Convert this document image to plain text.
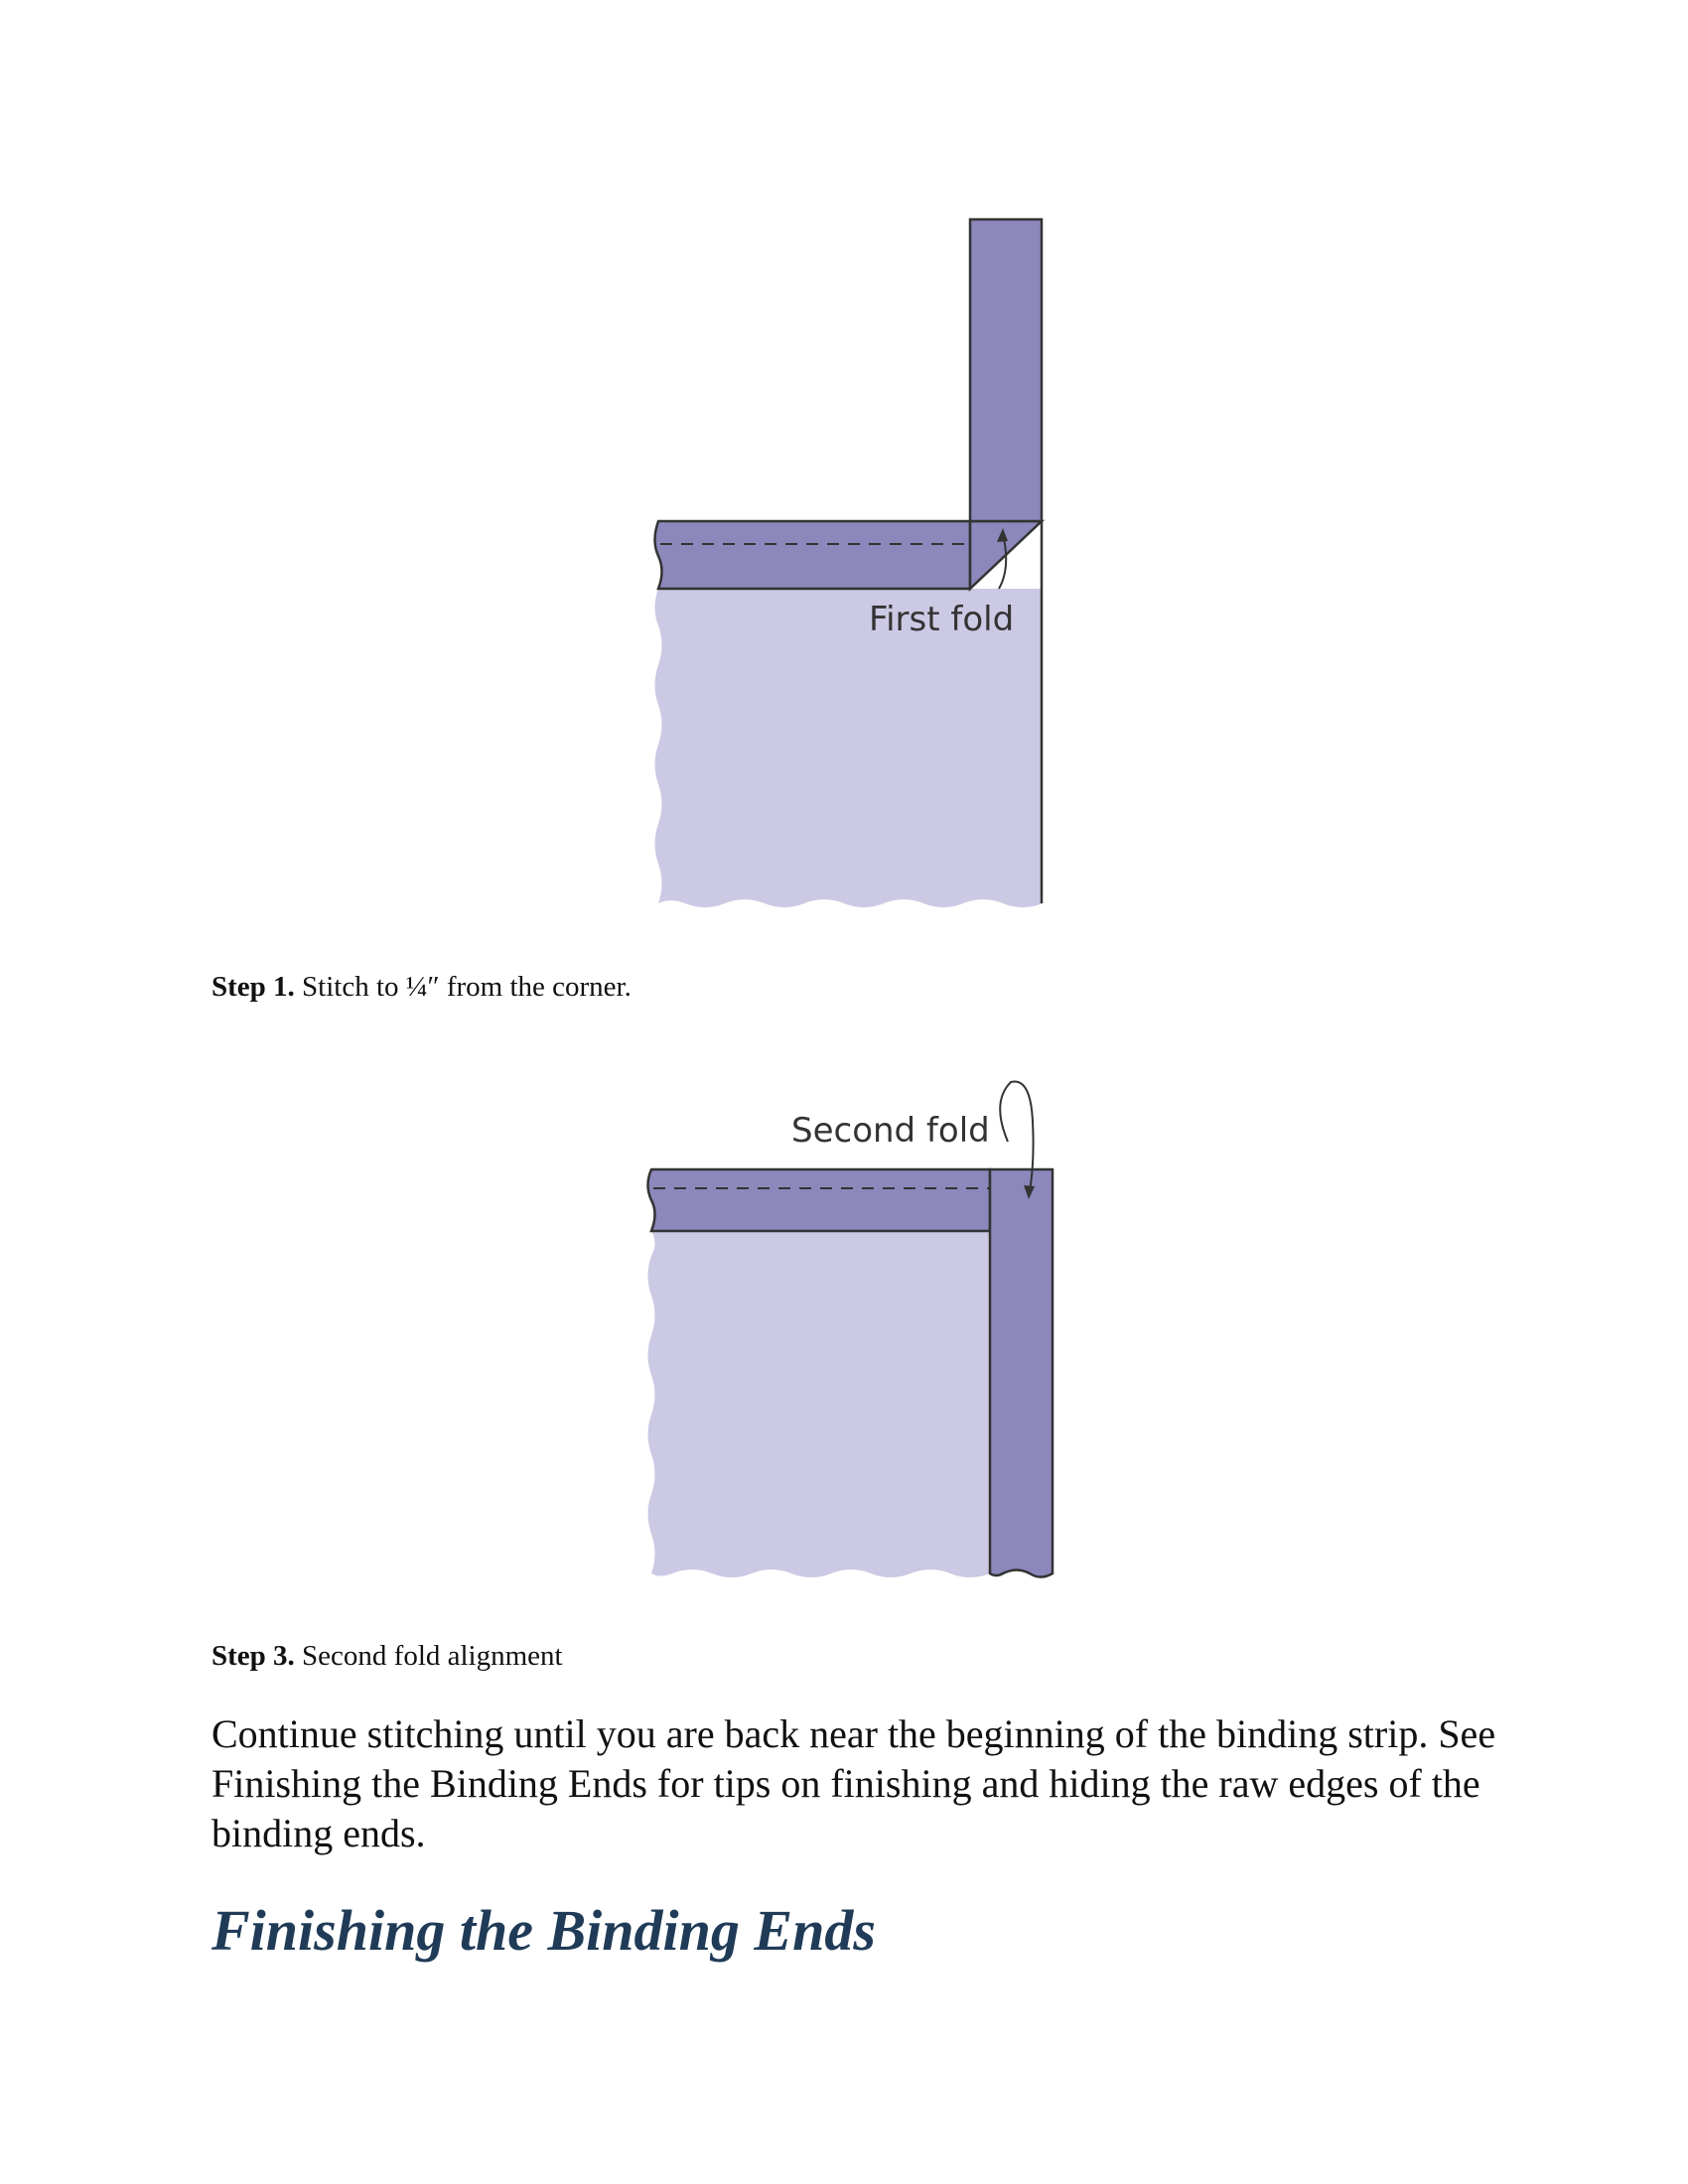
First fold
Second fold

Step 1. Stitch to ¼″ from the corner.

Step 3. Second fold alignment

Continue stitching until you are back near the beginning of the binding strip. See Finishing the Binding Ends for tips on finishing and hiding the raw edges of the binding ends.

Finishing the Binding Ends
